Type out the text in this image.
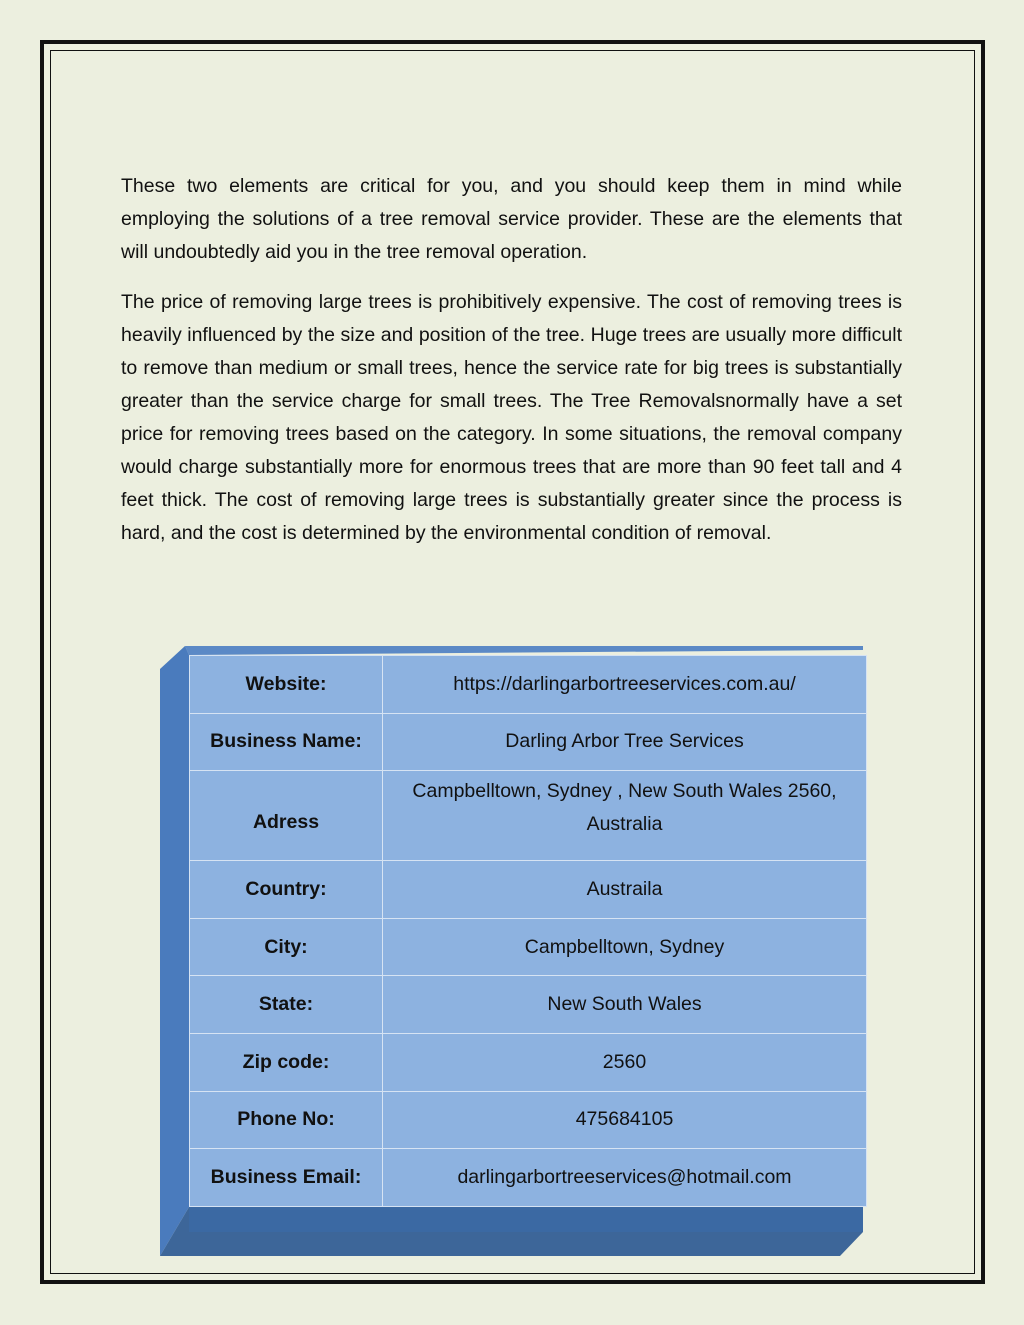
These two elements are critical for you, and you should keep them in mind while employing the solutions of a tree removal service provider. These are the elements that will undoubtedly aid you in the tree removal operation.

The price of removing large trees is prohibitively expensive. The cost of removing trees is heavily influenced by the size and position of the tree. Huge trees are usually more difficult to remove than medium or small trees, hence the service rate for big trees is substantially greater than the service charge for small trees. The Tree Removalsnormally have a set price for removing trees based on the category. In some situations, the removal company would charge substantially more for enormous trees that are more than 90 feet tall and 4 feet thick. The cost of removing large trees is substantially greater since the process is hard, and the cost is determined by the environmental condition of removal.

Website:	https://darlingarbortreeservices.com.au/
Business Name:	Darling Arbor Tree Services
Adress	Campbelltown, Sydney , New South Wales 2560, Australia
Country:	Austraila
City:	Campbelltown, Sydney
State:	New South Wales
Zip code:	2560
Phone No:	475684105
Business Email:	darlingarbortreeservices@hotmail.com
